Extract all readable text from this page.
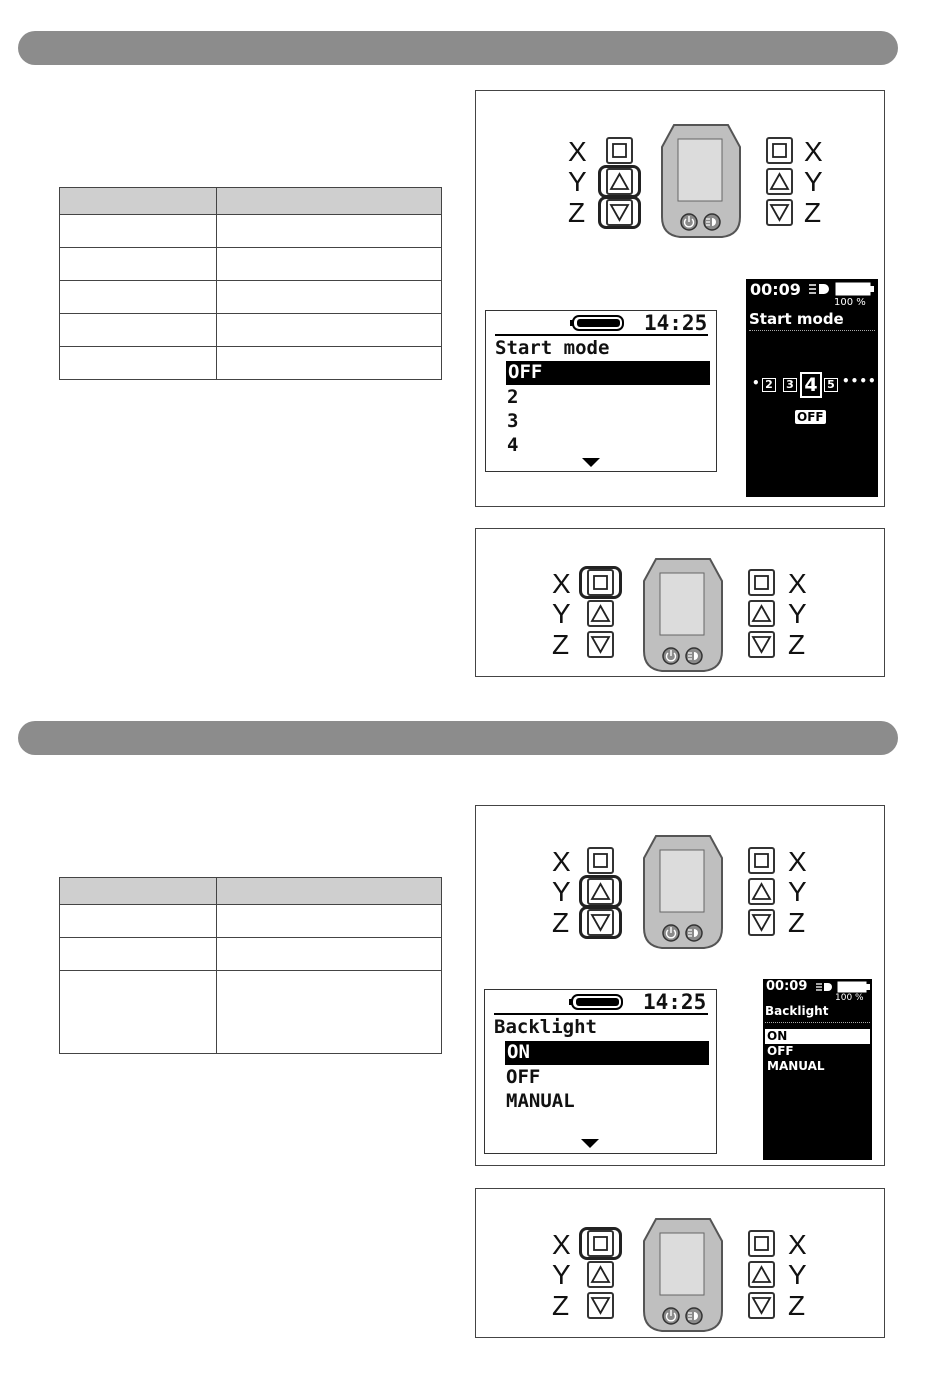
X
Y
Z
X
Y
Z
14:25
Start mode
OFF
2
3
4
00:09
100 %
Start mode
• 2 3 4 5 ••••••
OFF
X
Y
Z
X
Y
Z
X
Y
Z
X
Y
Z
14:25
Backlight
ON
OFF
MANUAL
00:09
100 %
Backlight
ON
OFF
MANUAL
X
Y
Z
X
Y
Z
